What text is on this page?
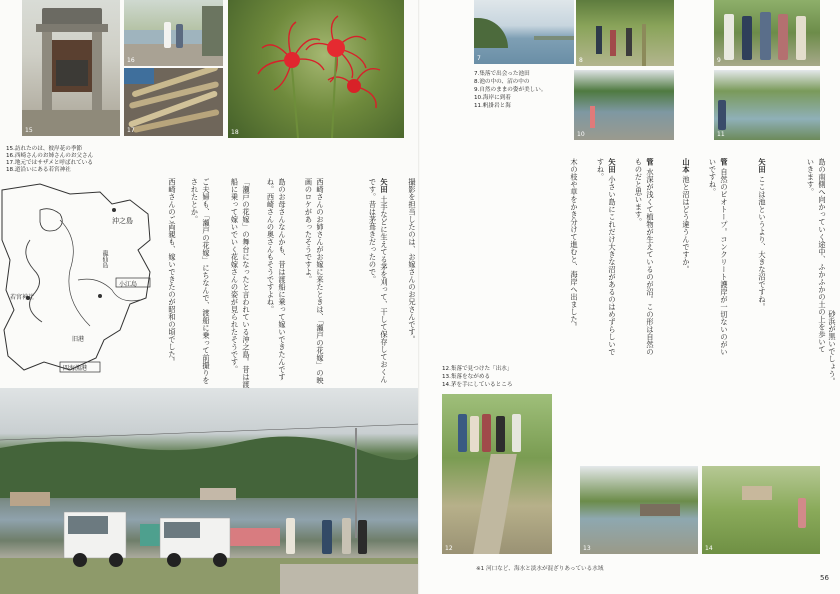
15
16
17	18
15.訪れたのは、彼岸花の季節
16.西崎さんのお姉さんのお父さん
17.地元ではサザメと呼ばれている
18.道沿いにある若宮神社
沖之島
小江島
龍仙島
若宮神社
旧港
四海漁港
矢田 土手などに生えてる茅を刈って、干して保存しておくんです。昔は茅葺きだったので。
西崎さんのお姉さんがお嫁に来たときは、「瀬戸の花嫁」の映画のロケがあったそうですよ。
島のお母さんなんかも、昔は渡船に乗って嫁いできたんですね。西崎さんの奥さんもそうですよね。
「瀬戸の花嫁」の舞台になったと言われている沖之島。昔は渡船に乗って嫁いでいく花嫁さんの姿が見られたそうです。
ご夫婦も、「瀬戸の花嫁」にちなんで、渡船に乗って前撮りをされたとか。
西崎さんのご両親も、嫁いできたのが昭和の頃でした。	撮影を担当したのは、お嫁さんのお兄さんです。
7	8	9
10	11
7.集落で出会った池田
8.池の中の、沼の中の
9.自然のままの姿が美しい。
10.海岸に到着
11.帆掛岩と海
島の南側へ向かっていく途中、ふかふかの土の上を歩いていきます。
矢田 ここは池というより、大きな沼ですね。
管 自然のビオトープ。コンクリート護岸が一切ないのがいいですね。
山本 池と沼はどう違うんですか。
管 水深が浅くて植物が生えているのが沼。この形は自然のものだと思います。
矢田 小さい島にこれだけ大きな沼があるのはめずらしいですね。
木の枝や草をかき分けて進むと、海岸へ出ました。
12.集落で見つけた「出水」
13.集落をながめる
14.茅を手にしているところ
12	13	14
砂浜が黒いでしょう。
※1 河口など、海水と淡水が混ざりあっている水域
56
